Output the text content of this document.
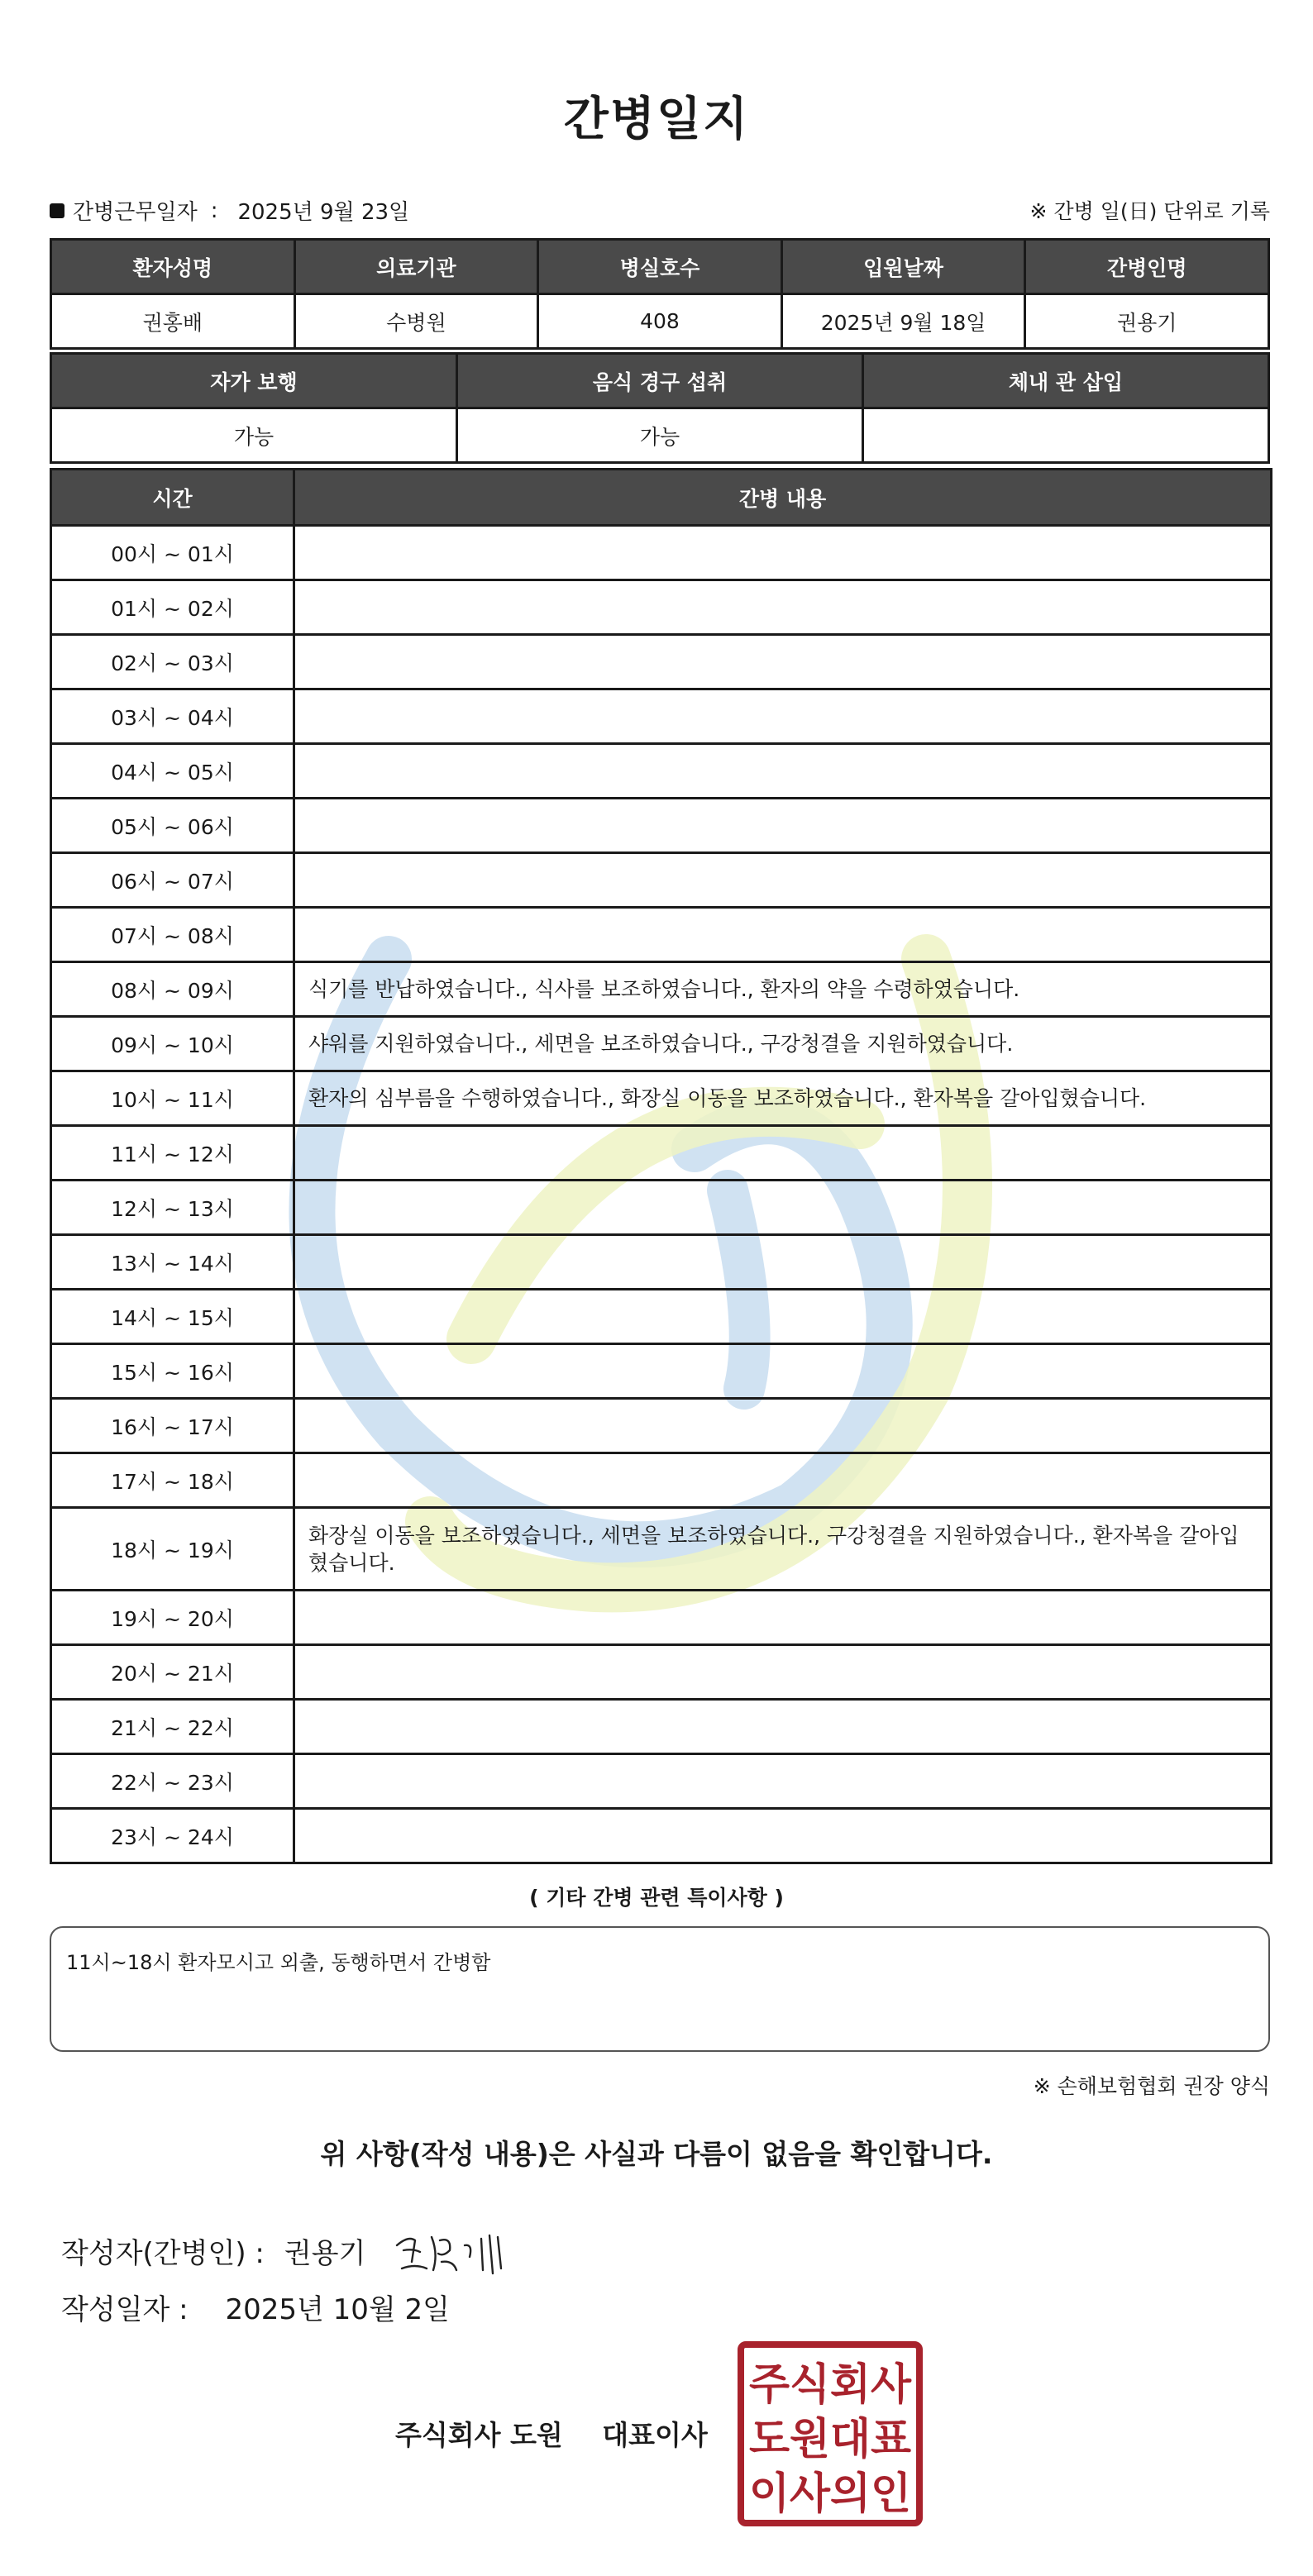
간병일지
간병근무일자 : 2025년 9월 23일	※ 간병 일(日) 단위로 기록
환자성명	의료기관	병실호수	입원날짜	간병인명
권홍배	수병원	408	2025년 9월 18일	권용기
자가 보행	음식 경구 섭취	체내 관 삽입
가능	가능	
시간	간병 내용
00시 ~ 01시	
01시 ~ 02시	
02시 ~ 03시	
03시 ~ 04시	
04시 ~ 05시	
05시 ~ 06시	
06시 ~ 07시	
07시 ~ 08시	
08시 ~ 09시	식기를 반납하였습니다., 식사를 보조하였습니다., 환자의 약을 수령하였습니다.
09시 ~ 10시	샤워를 지원하였습니다., 세면을 보조하였습니다., 구강청결을 지원하였습니다.
10시 ~ 11시	환자의 심부름을 수행하였습니다., 화장실 이동을 보조하였습니다., 환자복을 갈아입혔습니다.
11시 ~ 12시	
12시 ~ 13시	
13시 ~ 14시	
14시 ~ 15시	
15시 ~ 16시	
16시 ~ 17시	
17시 ~ 18시	
18시 ~ 19시	화장실 이동을 보조하였습니다., 세면을 보조하였습니다., 구강청결을 지원하였습니다., 환자복을 갈아입혔습니다.
19시 ~ 20시	
20시 ~ 21시	
21시 ~ 22시	
22시 ~ 23시	
23시 ~ 24시	
( 기타 간병 관련 특이사항 )
11시~18시 환자모시고 외출, 동행하면서 간병함
※ 손해보험협회 권장 양식
위 사항(작성 내용)은 사실과 다름이 없음을 확인합니다.
작성자(간병인) : 권용기
작성일자 : 2025년 10월 2일
주식회사 도원 대표이사
주식회사
도원대표
이사의인
